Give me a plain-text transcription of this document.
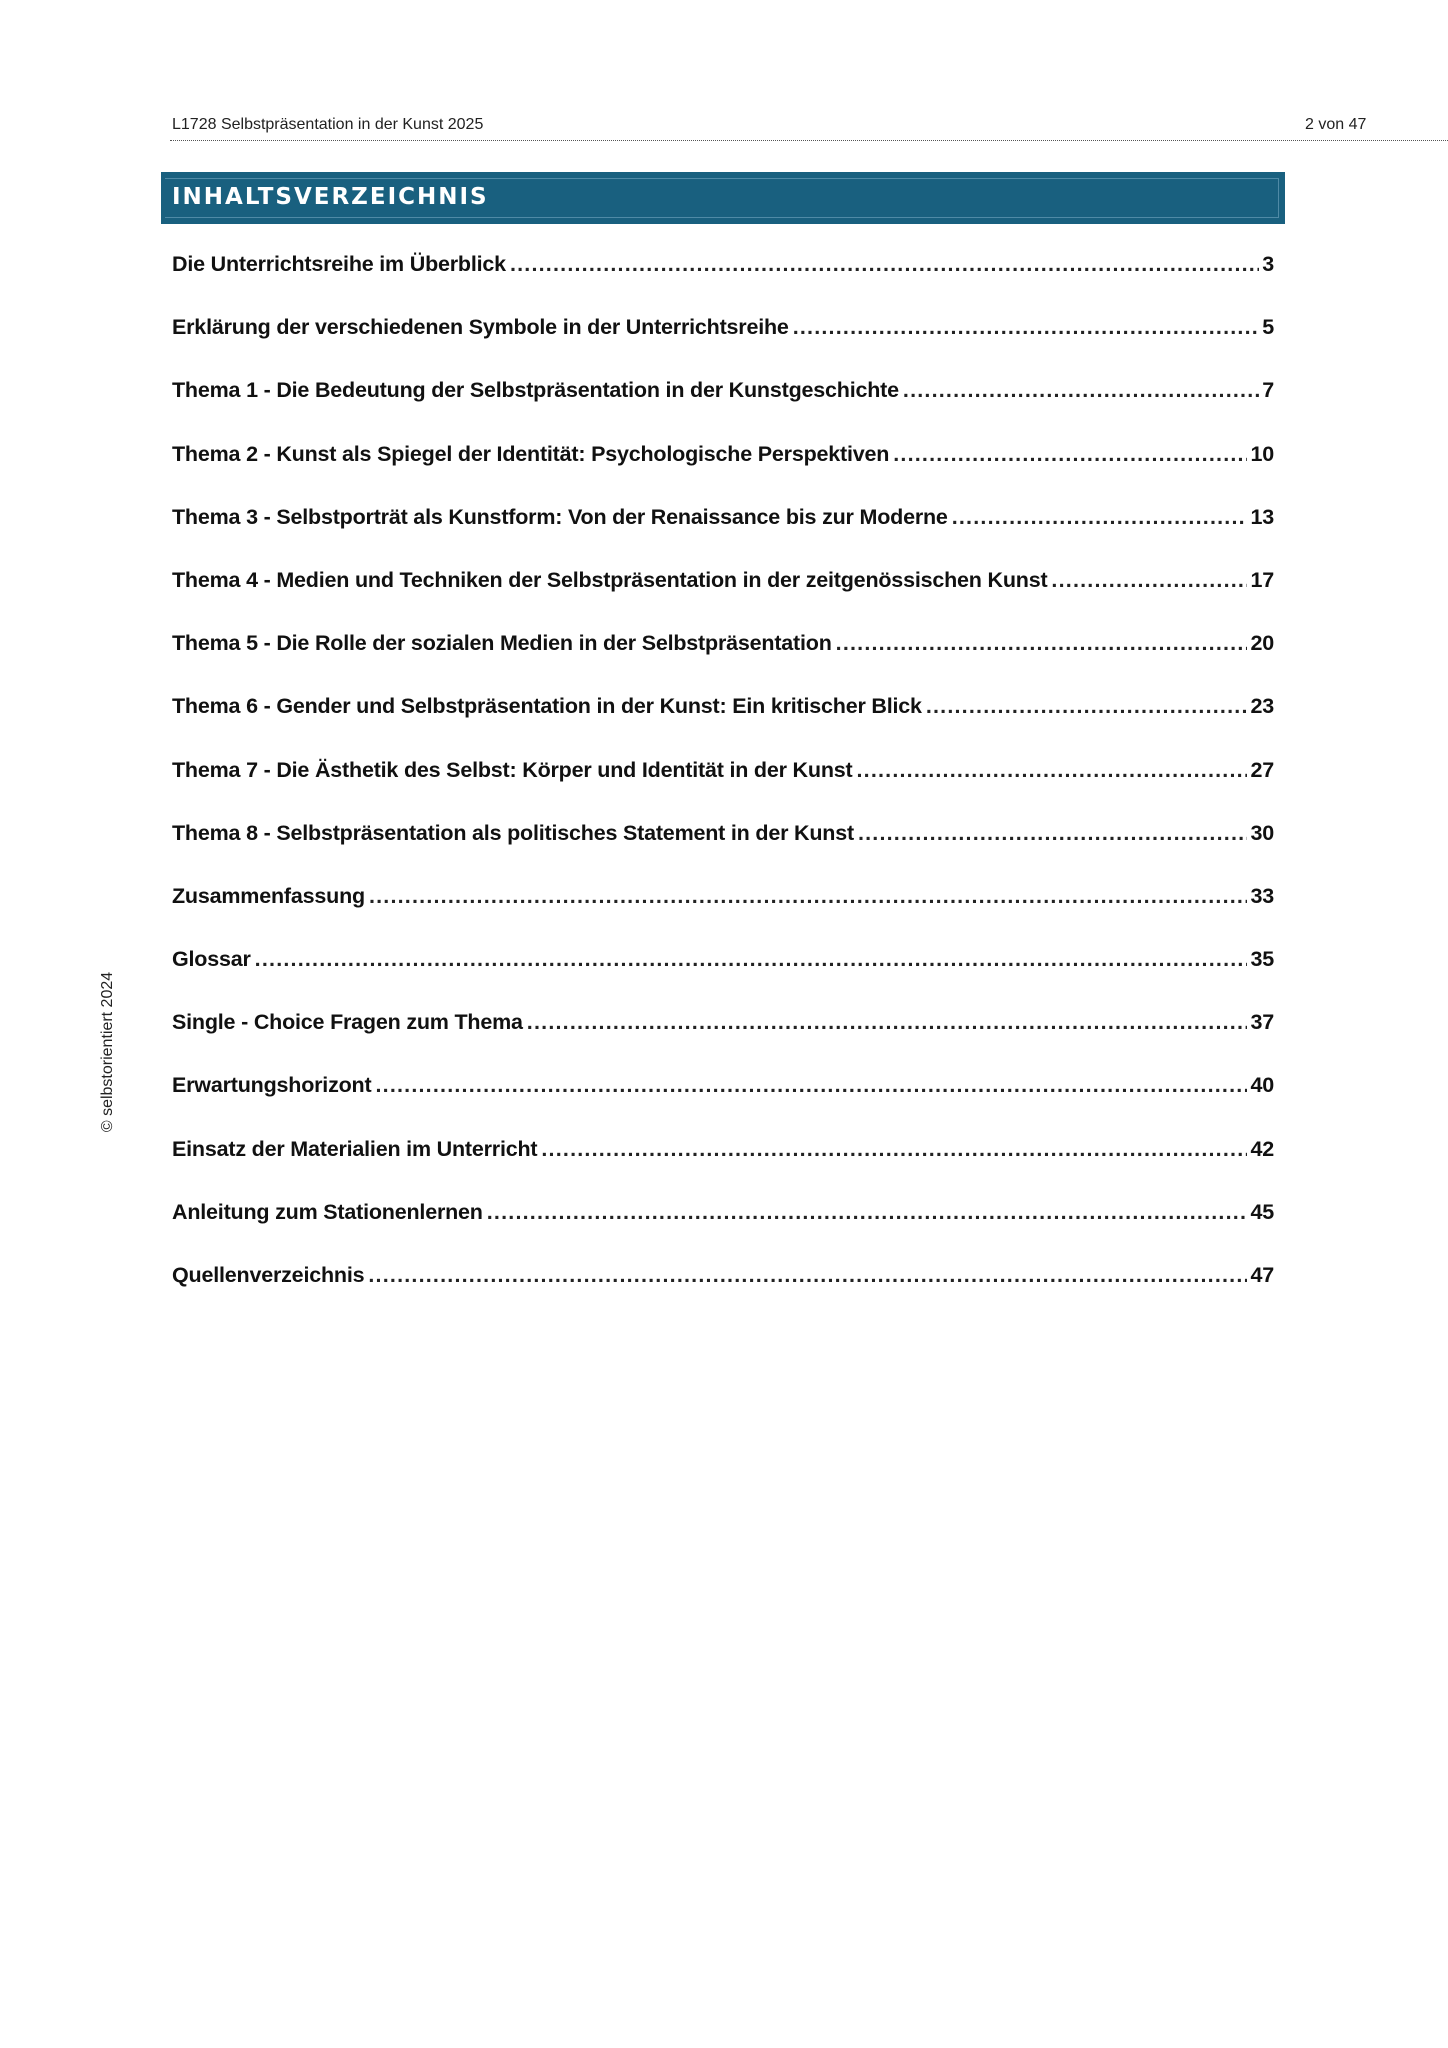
L1728 Selbstpräsentation in der Kunst 2025	2 von 47
INHALTSVERZEICHNIS
Die Unterrichtsreihe im Überblick .....	3
Erklärung der verschiedenen Symbole in der Unterrichtsreihe .....	5
Thema 1 - Die Bedeutung der Selbstpräsentation in der Kunstgeschichte .....	7
Thema 2 - Kunst als Spiegel der Identität: Psychologische Perspektiven .....	10
Thema 3 - Selbstporträt als Kunstform: Von der Renaissance bis zur Moderne .....	13
Thema 4 - Medien und Techniken der Selbstpräsentation in der zeitgenössischen Kunst .....	17
Thema 5 - Die Rolle der sozialen Medien in der Selbstpräsentation .....	20
Thema 6 - Gender und Selbstpräsentation in der Kunst: Ein kritischer Blick .....	23
Thema 7 - Die Ästhetik des Selbst: Körper und Identität in der Kunst .....	27
Thema 8 - Selbstpräsentation als politisches Statement in der Kunst .....	30
Zusammenfassung .....	33
Glossar .....	35
Single - Choice Fragen zum Thema .....	37
Erwartungshorizont .....	40
Einsatz der Materialien im Unterricht .....	42
Anleitung zum Stationenlernen .....	45
Quellenverzeichnis .....	47
© selbstorientiert 2024
